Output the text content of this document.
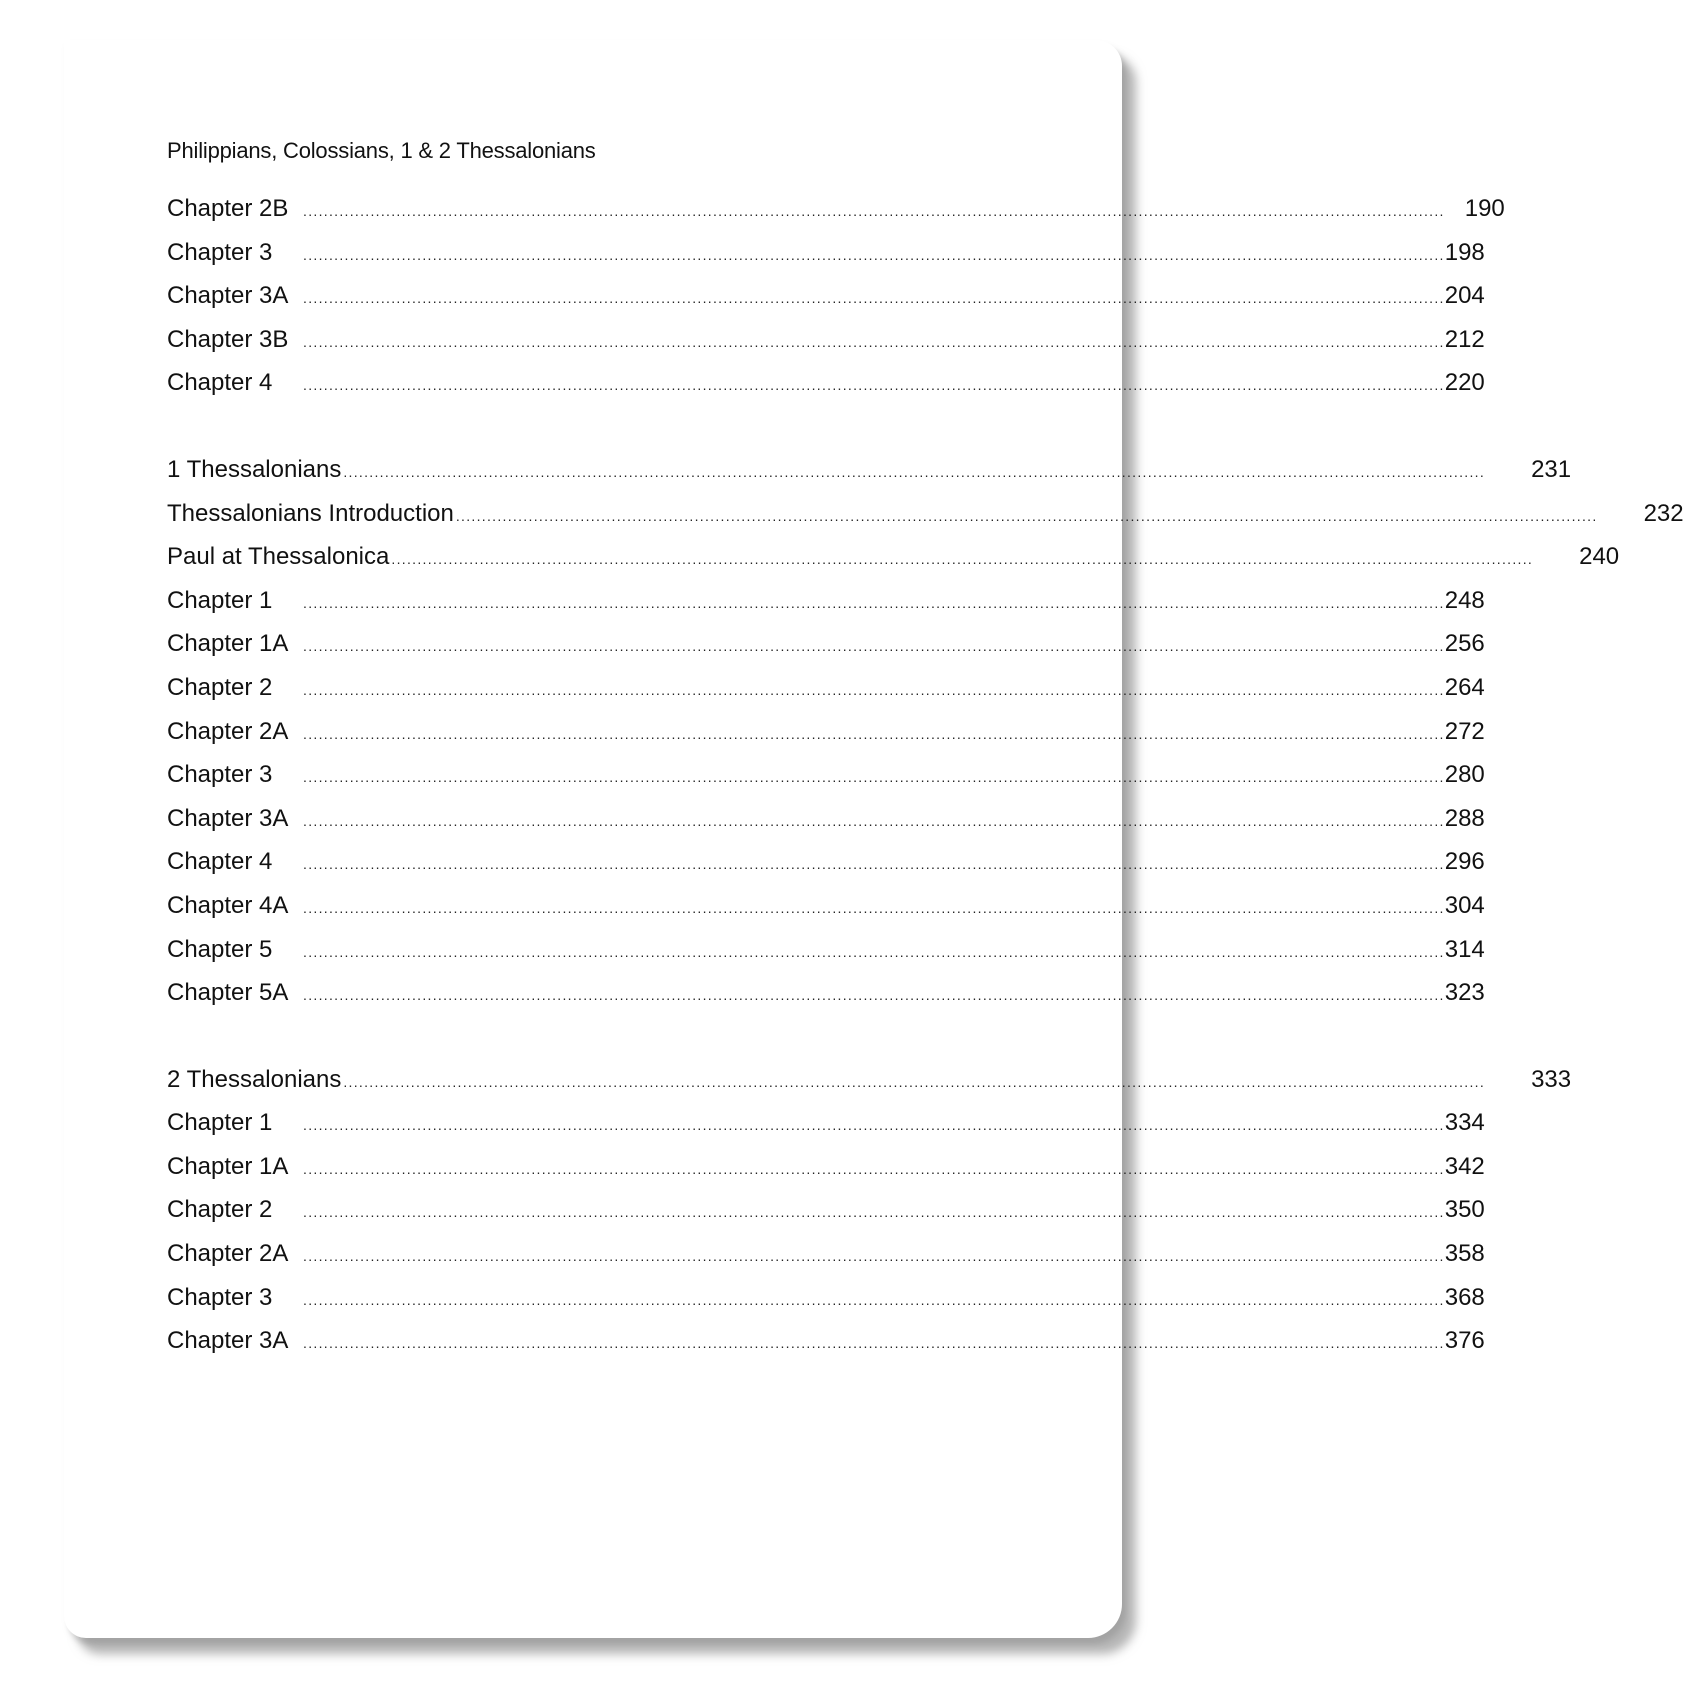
Philippians, Colossians, 1 & 2 Thessalonians
Chapter 2B	............................................................................................................................................................................................................................ 190
Chapter 3	............................................................................................................................................................................................................................ 198
Chapter 3A	............................................................................................................................................................................................................................ 204
Chapter 3B	............................................................................................................................................................................................................................ 212
Chapter 4	............................................................................................................................................................................................................................ 220
1 Thessalonians ............................................................................................................................................................................................................................ 231
Thessalonians Introduction ............................................................................................................................................................................................................................ 232
Paul at Thessalonica ............................................................................................................................................................................................................................ 240
Chapter 1	............................................................................................................................................................................................................................ 248
Chapter 1A	............................................................................................................................................................................................................................ 256
Chapter 2	............................................................................................................................................................................................................................ 264
Chapter 2A	............................................................................................................................................................................................................................ 272
Chapter 3	............................................................................................................................................................................................................................ 280
Chapter 3A	............................................................................................................................................................................................................................ 288
Chapter 4	............................................................................................................................................................................................................................ 296
Chapter 4A	............................................................................................................................................................................................................................ 304
Chapter 5	............................................................................................................................................................................................................................ 314
Chapter 5A	............................................................................................................................................................................................................................ 323
2 Thessalonians ............................................................................................................................................................................................................................ 333
Chapter 1	............................................................................................................................................................................................................................ 334
Chapter 1A	............................................................................................................................................................................................................................ 342
Chapter 2	............................................................................................................................................................................................................................ 350
Chapter 2A	............................................................................................................................................................................................................................ 358
Chapter 3	............................................................................................................................................................................................................................ 368
Chapter 3A	............................................................................................................................................................................................................................ 376
